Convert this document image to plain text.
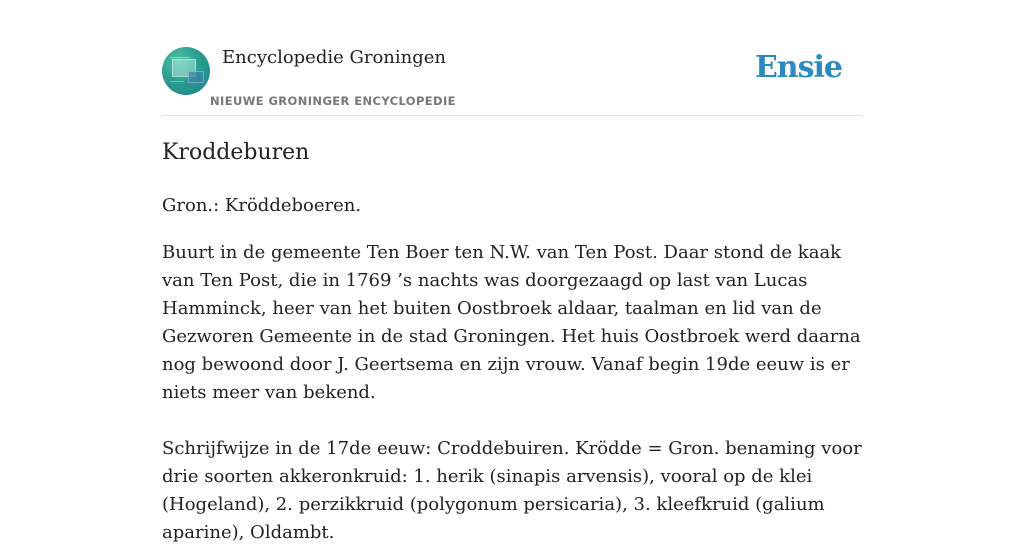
Encyclopedie Groningen
NIEUWE GRONINGER ENCYCLOPEDIE
Ensie
Kroddeburen

Gron.: Kröddeboeren.

Buurt in de gemeente Ten Boer ten N.W. van Ten Post. Daar stond de kaak van Ten Post, die in 1769 ’s nachts was doorgezaagd op last van Lucas Hamminck, heer van het buiten Oostbroek aldaar, taalman en lid van de Gezworen Gemeente in de stad Groningen. Het huis Oostbroek werd daarna nog bewoond door J. Geertsema en zijn vrouw. Vanaf begin 19de eeuw is er niets meer van bekend.

Schrijfwijze in de 17de eeuw: Croddebuiren. Krödde = Gron. benaming voor drie soorten akkeronkruid: 1. herik (sinapis arvensis), vooral op de klei (Hogeland), 2. perzikkruid (polygonum persicaria), 3. kleefkruid (galium aparine), Oldambt.
